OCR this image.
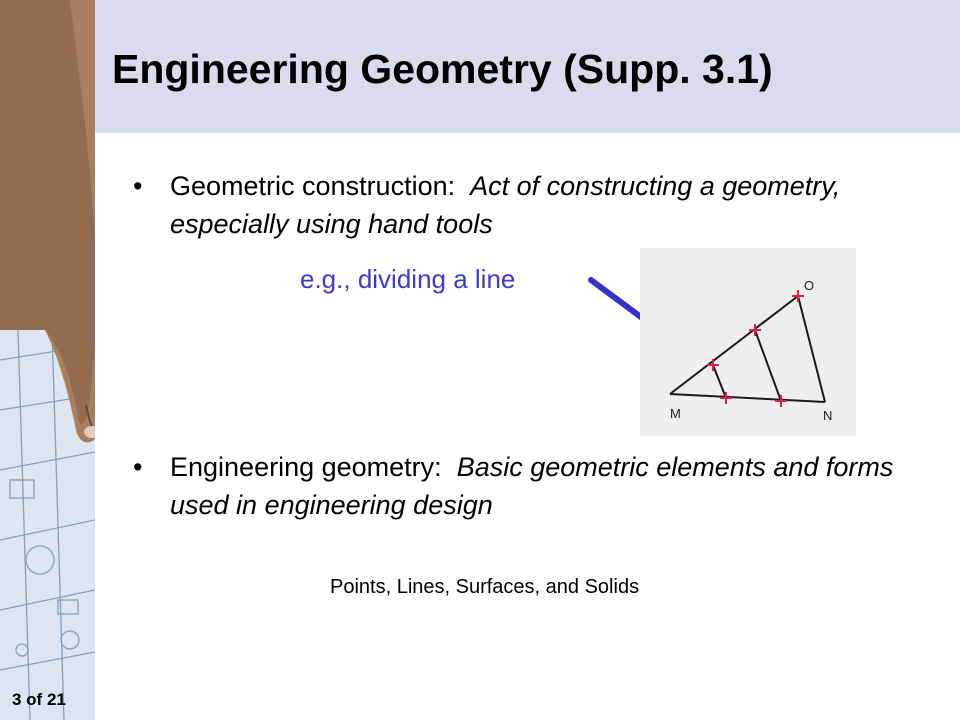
3 of 21
Engineering Geometry (Supp. 3.1)
• Geometric construction: Act of constructing a geometry, especially using hand tools
e.g., dividing a line	O
M	N
• Engineering geometry: Basic geometric elements and forms used in engineering design
Points, Lines, Surfaces, and Solids
